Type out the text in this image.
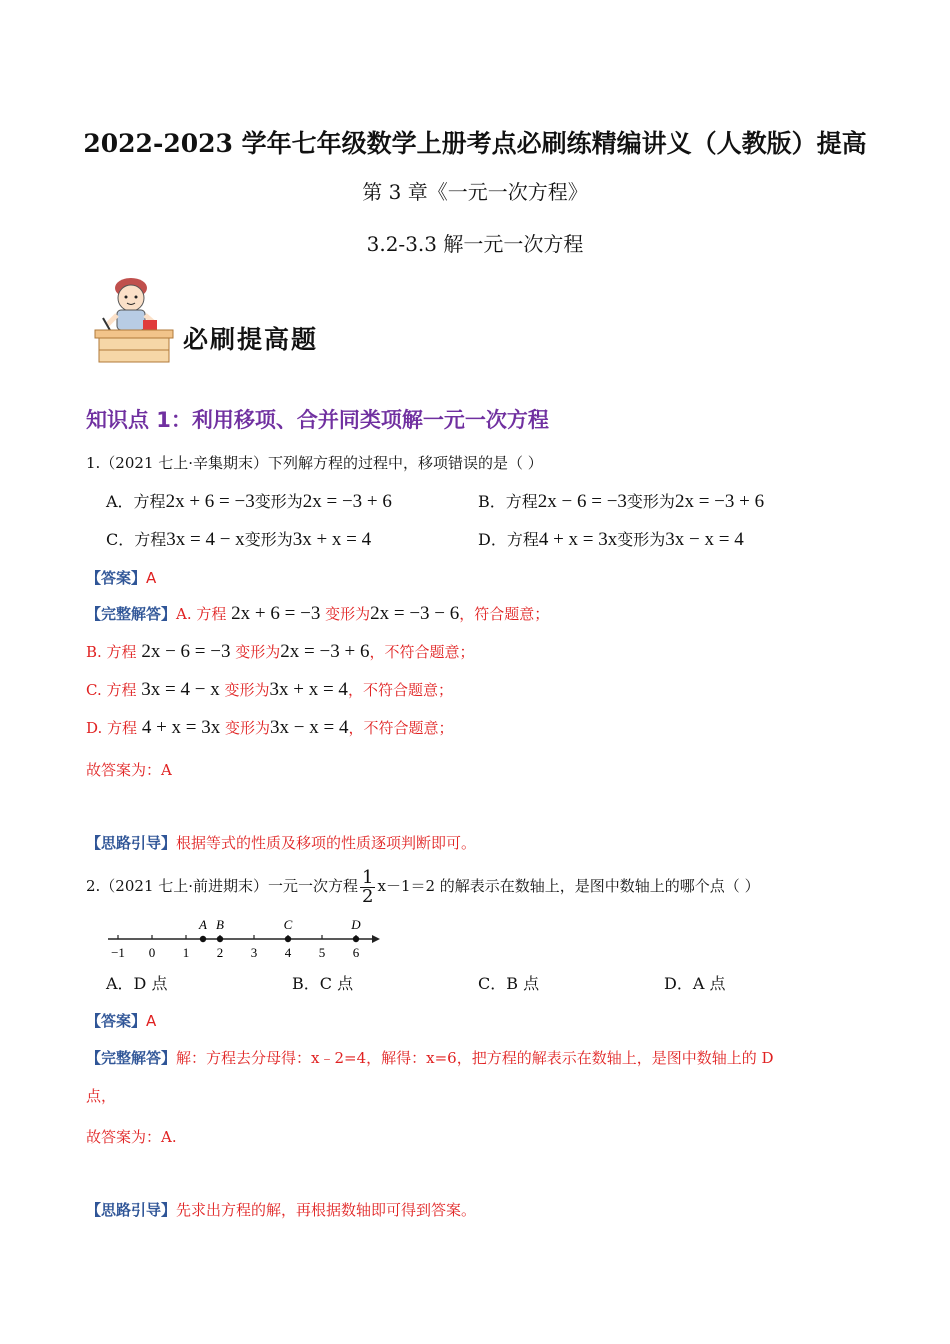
2022-2023 学年七年级数学上册考点必刷练精编讲义（人教版）提高
第 3 章《一元一次方程》
3.2-3.3 解一元一次方程
必刷提高题
知识点 1：利用移项、合并同类项解一元一次方程
1.（2021 七上·辛集期末）下列解方程的过程中，移项错误的是（ ）
A．方程2x + 6 = −3变形为2x = −3 + 6	B．方程2x − 6 = −3变形为2x = −3 + 6
C．方程3x = 4 − x变形为3x + x = 4	D．方程4 + x = 3x变形为3x − x = 4
【答案】A
【完整解答】A. 方程 2x + 6 = −3 变形为2x = −3 − 6，符合题意；
B. 方程 2x − 6 = −3 变形为2x = −3 + 6，不符合题意；
C. 方程 3x = 4 − x 变形为3x + x = 4，不符合题意；
D. 方程 4 + x = 3x 变形为3x − x = 4，不符合题意；
故答案为：A
【思路引导】根据等式的性质及移项的性质逐项判断即可。
2.（2021 七上·前进期末）一元一次方程 $\frac{1}{2} x-1=2$ 的解表示在数轴上，是图中数轴上的哪个点（ ）
−1 0 1 2 3 4 5 6
A B	C	D
A．D 点	B．C 点	C．B 点	D．A 点
【答案】A
【完整解答】解：方程去分母得：x﹣2=4，解得：x=6，把方程的解表示在数轴上，是图中数轴上的 D
点，
故答案为：A.
【思路引导】先求出方程的解，再根据数轴即可得到答案。
